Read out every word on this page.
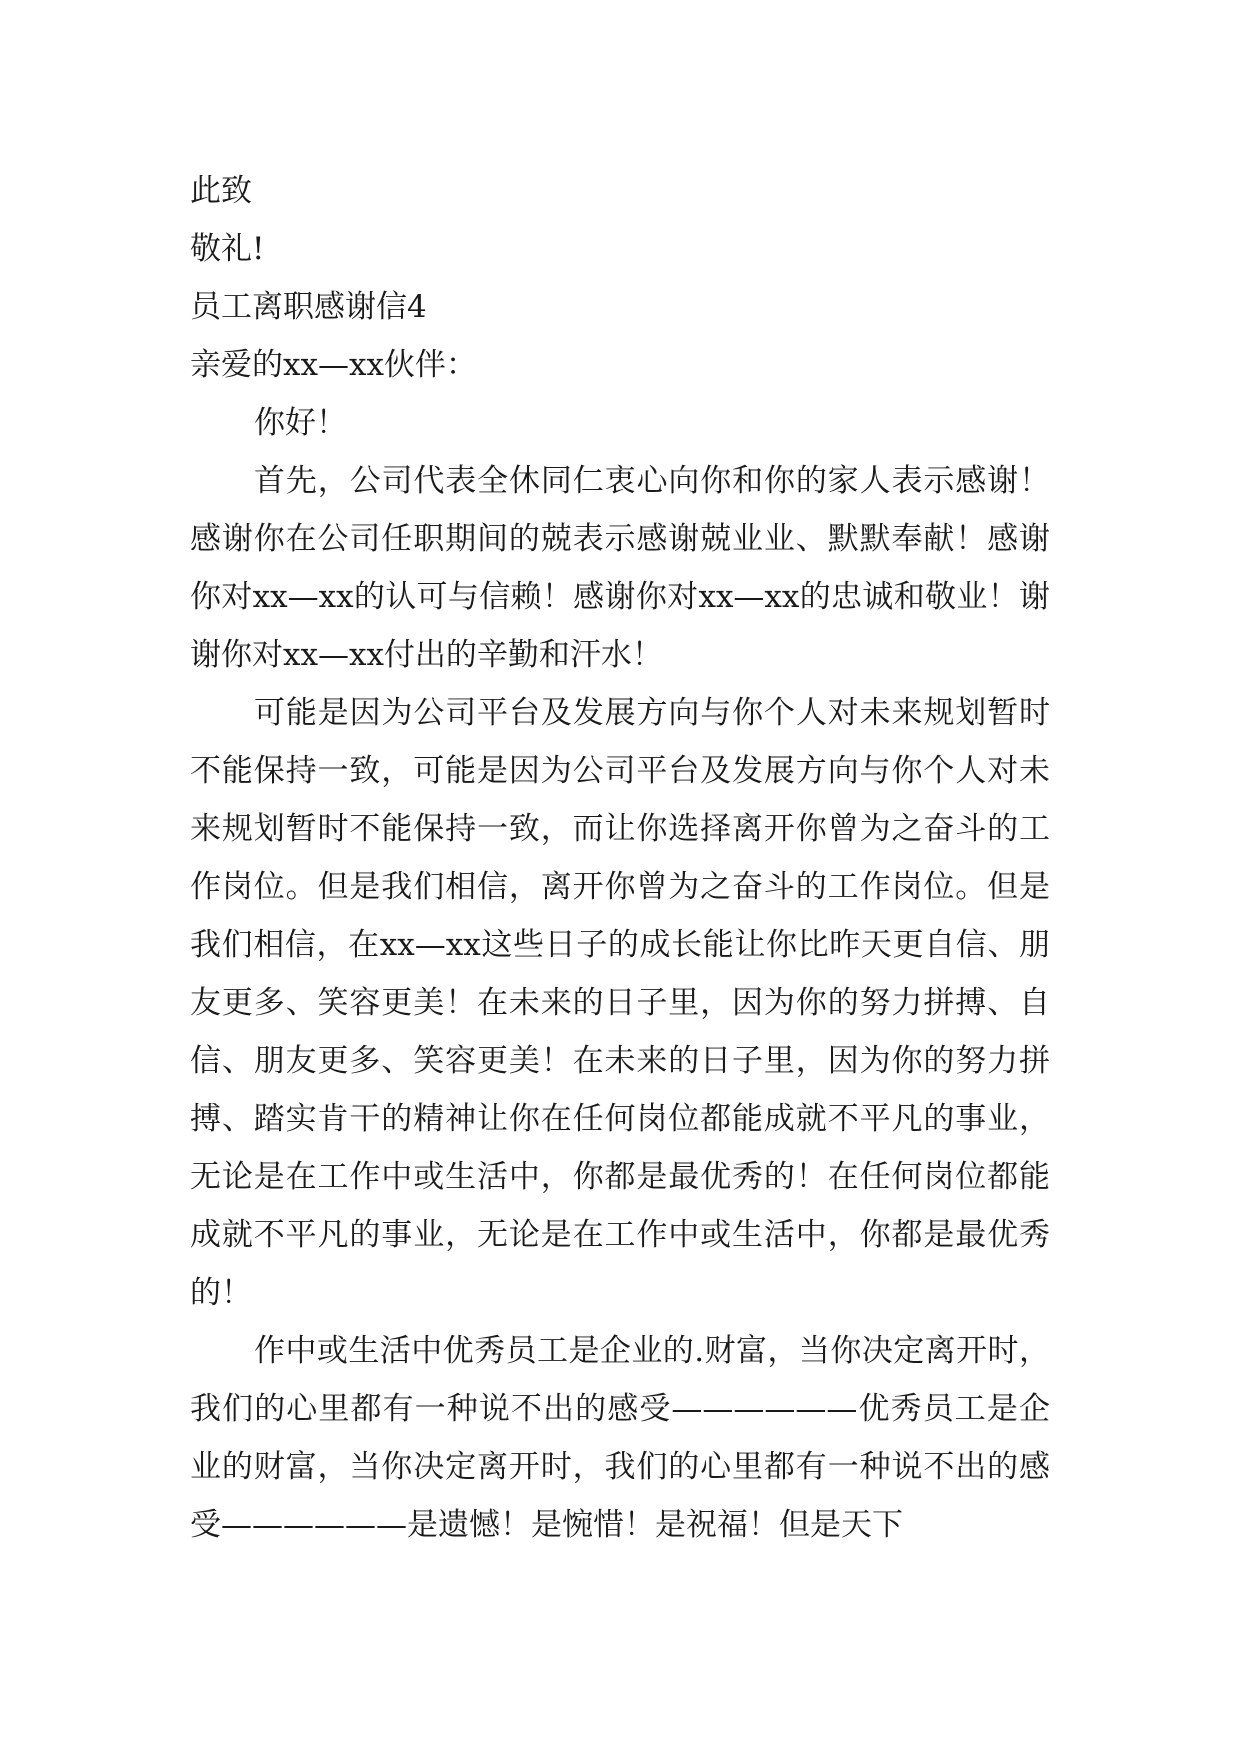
此致

敬礼!

员工离职感谢信4

亲爱的xx—xx伙伴：

你好！

首先，公司代表全休同仁衷心向你和你的家人表示感谢！感谢你在公司任职期间的兢表示感谢兢业业、默默奉献！感谢你对xx—xx的认可与信赖！感谢你对xx—xx的忠诚和敬业！谢谢你对xx—xx付出的辛勤和汗水！

可能是因为公司平台及发展方向与你个人对未来规划暂时不能保持一致，可能是因为公司平台及发展方向与你个人对未来规划暂时不能保持一致，而让你选择离开你曾为之奋斗的工作岗位。但是我们相信，离开你曾为之奋斗的工作岗位。但是我们相信，在xx—xx这些日子的成长能让你比昨天更自信、朋友更多、笑容更美！在未来的日子里，因为你的努力拼搏、自信、朋友更多、笑容更美！在未来的日子里，因为你的努力拼搏、踏实肯干的精神让你在任何岗位都能成就不平凡的事业，无论是在工作中或生活中，你都是最优秀的！在任何岗位都能成就不平凡的事业，无论是在工作中或生活中，你都是最优秀的！

作中或生活中优秀员工是企业的.财富，当你决定离开时，我们的心里都有一种说不出的感受——————优秀员工是企业的财富，当你决定离开时，我们的心里都有一种说不出的感受——————是遗憾！是惋惜！是祝福！但是天下
